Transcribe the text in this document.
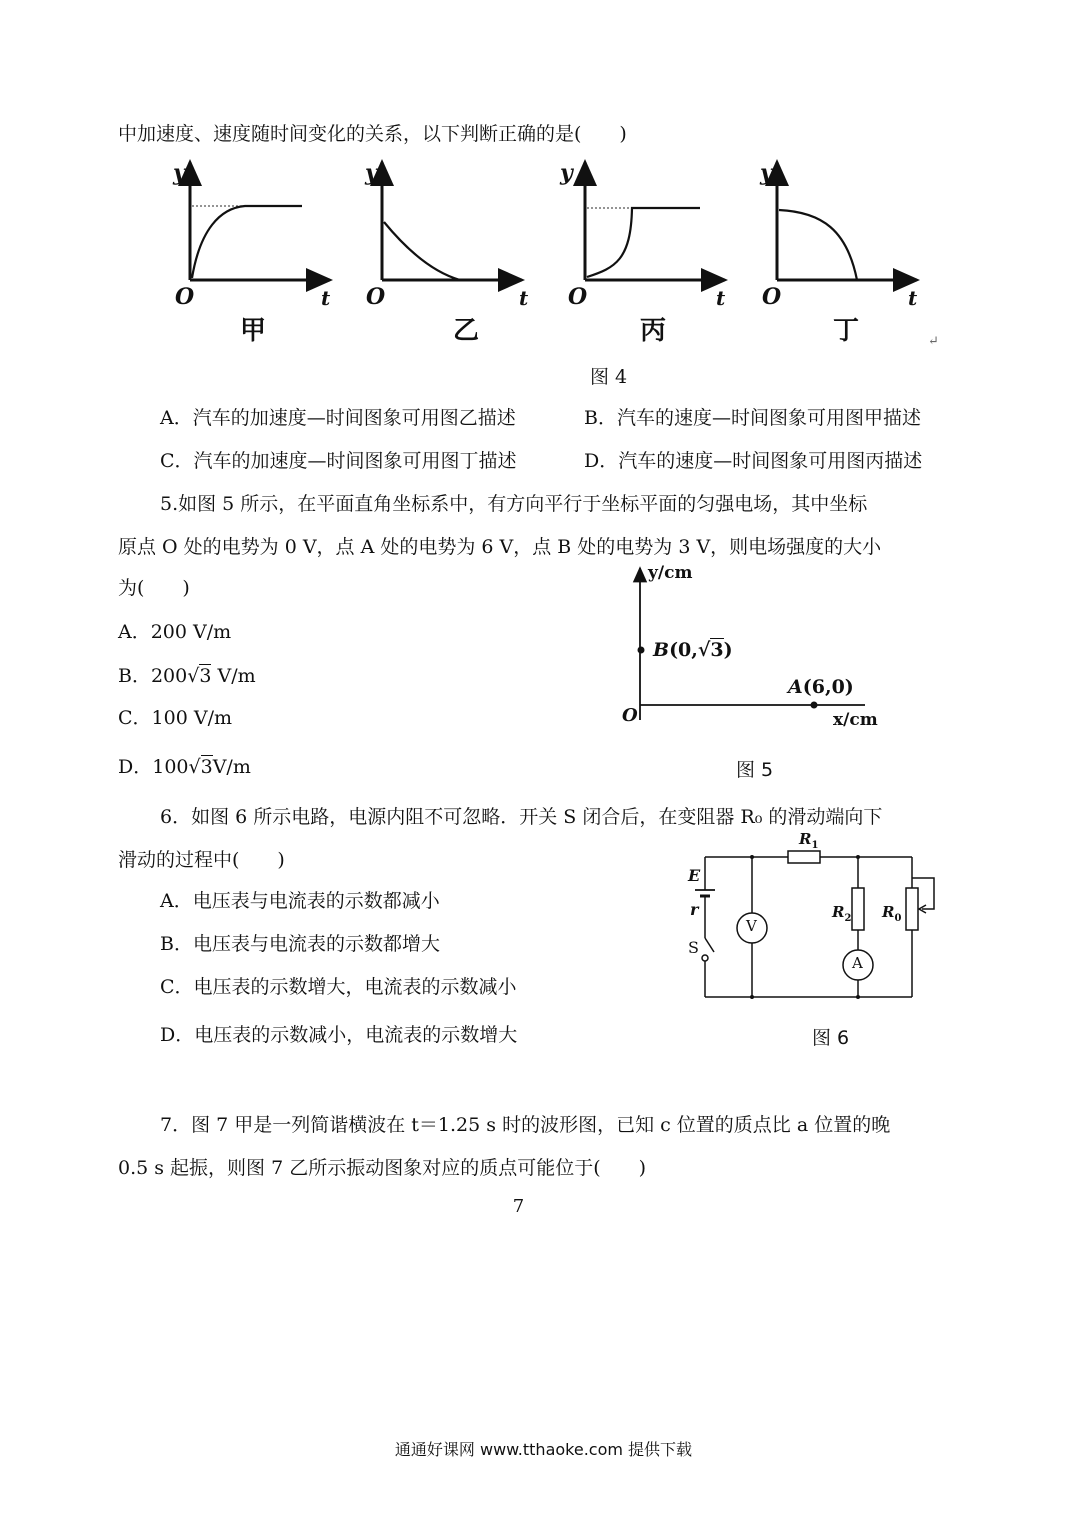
中加速度、速度随时间变化的关系，以下判断正确的是(　　)
y
O	t
甲
y
O	t
乙
y
O	t
丙
y
O	t
丁	↵
图 4
A．汽车的加速度—时间图象可用图乙描述	B．汽车的速度—时间图象可用图甲描述
C．汽车的加速度—时间图象可用图丁描述	D．汽车的速度—时间图象可用图丙描述
5.如图 5 所示，在平面直角坐标系中，有方向平行于坐标平面的匀强电场，其中坐标
原点 O 处的电势为 0 V，点 A 处的电势为 6 V，点 B 处的电势为 3 V，则电场强度的大小
为(　　)
A．200 V/m
B．200√3 V/m
C．100 V/m
D．100√3V/m
y/cm
x/cm
O
B(0,√3)
A(6,0)
图 5
6．如图 6 所示电路，电源内阻不可忽略．开关 S 闭合后，在变阻器 R₀ 的滑动端向下
滑动的过程中(　　)
A．电压表与电流表的示数都减小
B．电压表与电流表的示数都增大
C．电压表的示数增大，电流表的示数减小
D．电压表的示数减小，电流表的示数增大
E
r
S
V
A
$R_1$
$R_2$ $R_0$
图 6
7．图 7 甲是一列简谐横波在 t＝1.25 s 时的波形图，已知 c 位置的质点比 a 位置的晚
0.5 s 起振，则图 7 乙所示振动图象对应的质点可能位于(　　)
7
通通好课网 www.tthaoke.com 提供下载
